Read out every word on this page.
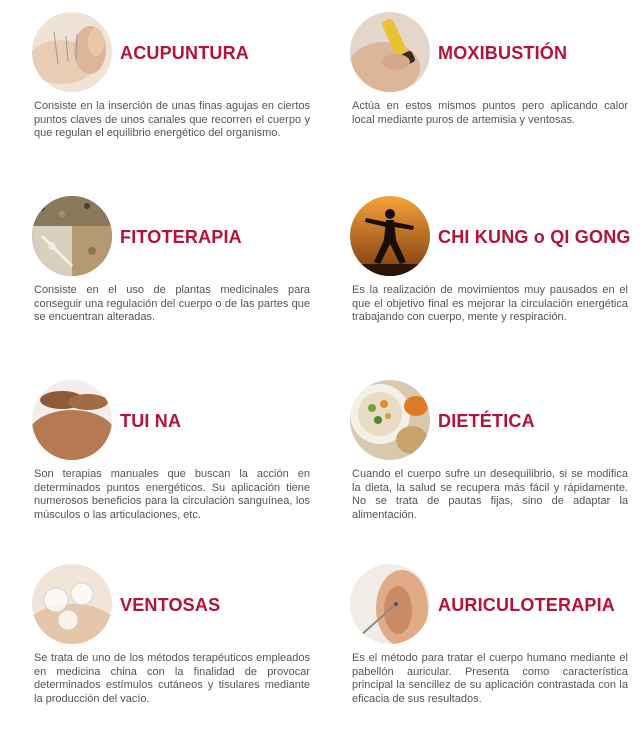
ACUPUNTURA
Consiste en la inserción de unas finas agujas en ciertos puntos claves de unos canales que recorren el cuerpo y que regulan el equilibrio energético del organismo.
MOXIBUSTIÓN
Actúa en estos mismos puntos pero aplicando calor local mediante puros de artemisia y ventosas.
FITOTERAPIA
Consiste en el uso de plantas medicinales para conseguir una regulación del cuerpo o de las partes que se encuentran alteradas.
CHI KUNG o QI GONG
Es la realización de movimientos muy pausados en el que el objetivo final es mejorar la circulación energética trabajando con cuerpo, mente y respiración.
TUI NA
Son terapias manuales que buscan la acción en determinados puntos energéticos. Su aplicación tiene numerosos beneficios para la circulación sanguínea, los músculos o las articulaciones, etc.
DIETÉTICA
Cuando el cuerpo sufre un desequilibrio, si se modifica la dieta, la salud se recupera más fácil y rápidamente. No se trata de pautas fijas, sino de adaptar la alimentación.
VENTOSAS
Se trata de uno de los métodos terapéuticos empleados en medicina china con la finalidad de provocar determinados estímulos cutáneos y tisulares mediante la producción del vacío.
AURICULOTERAPIA
Es el método para tratar el cuerpo humano mediante el pabellón auricular. Presenta como característica principal la sencillez de su aplicación contrastada con la eficacia de sus resultados.
